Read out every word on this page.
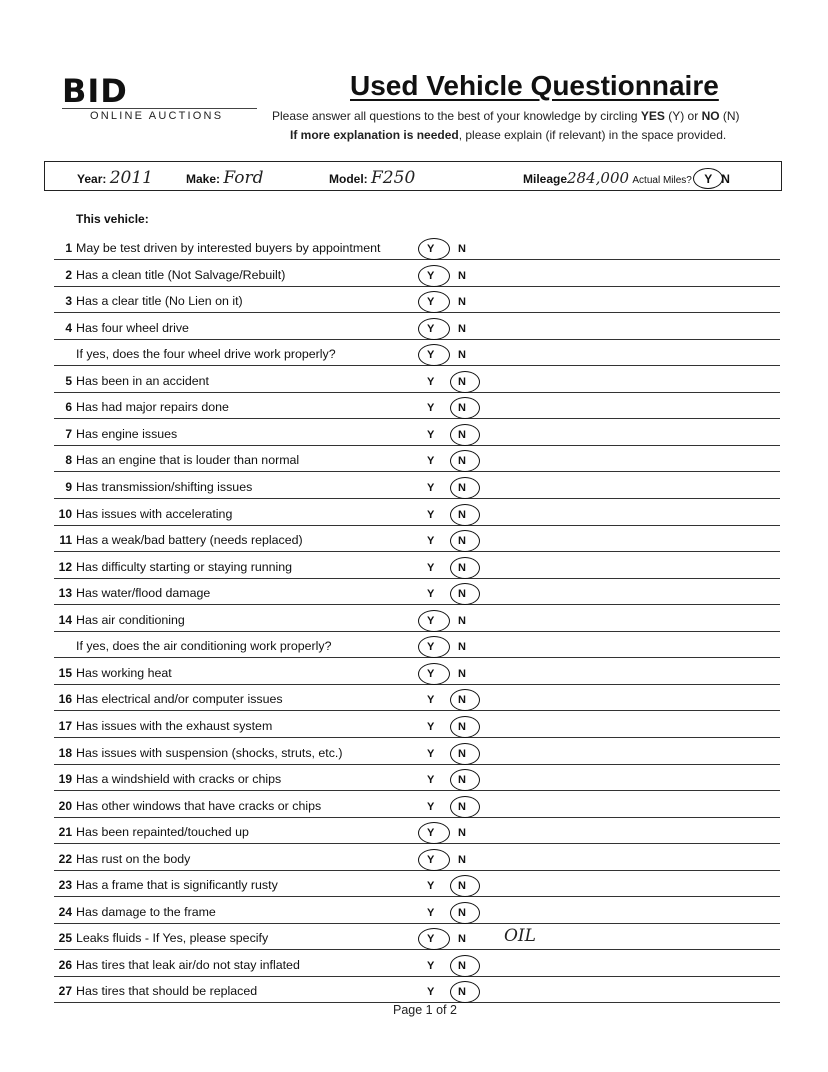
BID
ONLINE AUCTIONS
Used Vehicle Questionnaire
Please answer all questions to the best of your knowledge by circling YES (Y) or NO (N)
If more explanation is needed, please explain (if relevant) in the space provided.
Year: 2011	Make: Ford	Model: F250	Mileage284,000 Actual Miles? Y N
This vehicle:
1 May be test driven by interested buyers by appointment	Y N
2 Has a clean title (Not Salvage/Rebuilt)	Y N
3 Has a clear title (No Lien on it)	Y N
4 Has four wheel drive	Y N
If yes, does the four wheel drive work properly?	Y N
5 Has been in an accident	Y N
6 Has had major repairs done	Y N
7 Has engine issues	Y N
8 Has an engine that is louder than normal	Y N
9 Has transmission/shifting issues	Y N
10 Has issues with accelerating	Y N
11 Has a weak/bad battery (needs replaced)	Y N
12 Has difficulty starting or staying running	Y N
13 Has water/flood damage	Y N
14 Has air conditioning	Y N
If yes, does the air conditioning work properly?	Y N
15 Has working heat	Y N
16 Has electrical and/or computer issues	Y N
17 Has issues with the exhaust system	Y N
18 Has issues with suspension (shocks, struts, etc.)	Y N
19 Has a windshield with cracks or chips	Y N
20 Has other windows that have cracks or chips	Y N
21 Has been repainted/touched up	Y N
22 Has rust on the body	Y N
23 Has a frame that is significantly rusty	Y N
24 Has damage to the frame	Y N
25 Leaks fluids - If Yes, please specify	Y N OIL
26 Has tires that leak air/do not stay inflated	Y N
27 Has tires that should be replaced	Y N
Page 1 of 2
